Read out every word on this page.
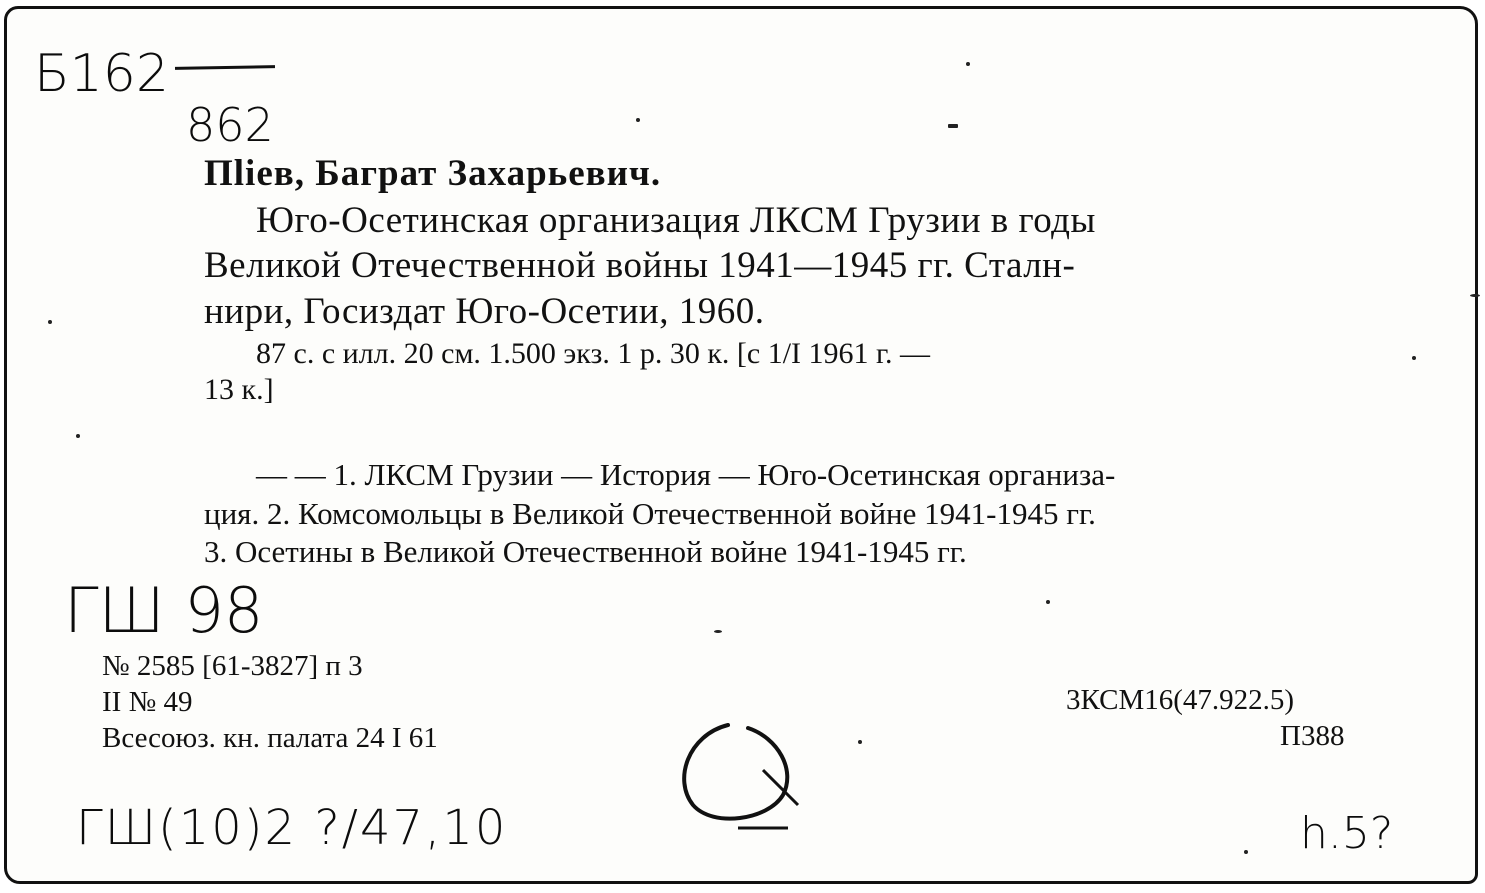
Б162
862
Пliев, Баграт Захарьевич.
Юго-Осетинская организация ЛКСМ Грузии в годы
Великой Отечественной войны 1941—1945 гг. Сталн-
ниpи, Госиздат Юго-Осетии, 1960.
87 с. с илл. 20 см. 1.500 экз. 1 р. 30 к. [с 1/I 1961 г. —
13 к.]
— — 1. ЛКСМ Грузии — История — Юго-Осетинская организа-
ция. 2. Комсомольцы в Великой Отечественной войне 1941-1945 гг.
3. Осетины в Великой Отечественной войне 1941-1945 гг.
ГШ 98
№ 2585 [61-3827] п 3
II № 49
Всесоюз. кн. палата 24 I 61
3КСМ16(47.922.5)
П388
ГШ(10)2 ?/47,10	h.5?
